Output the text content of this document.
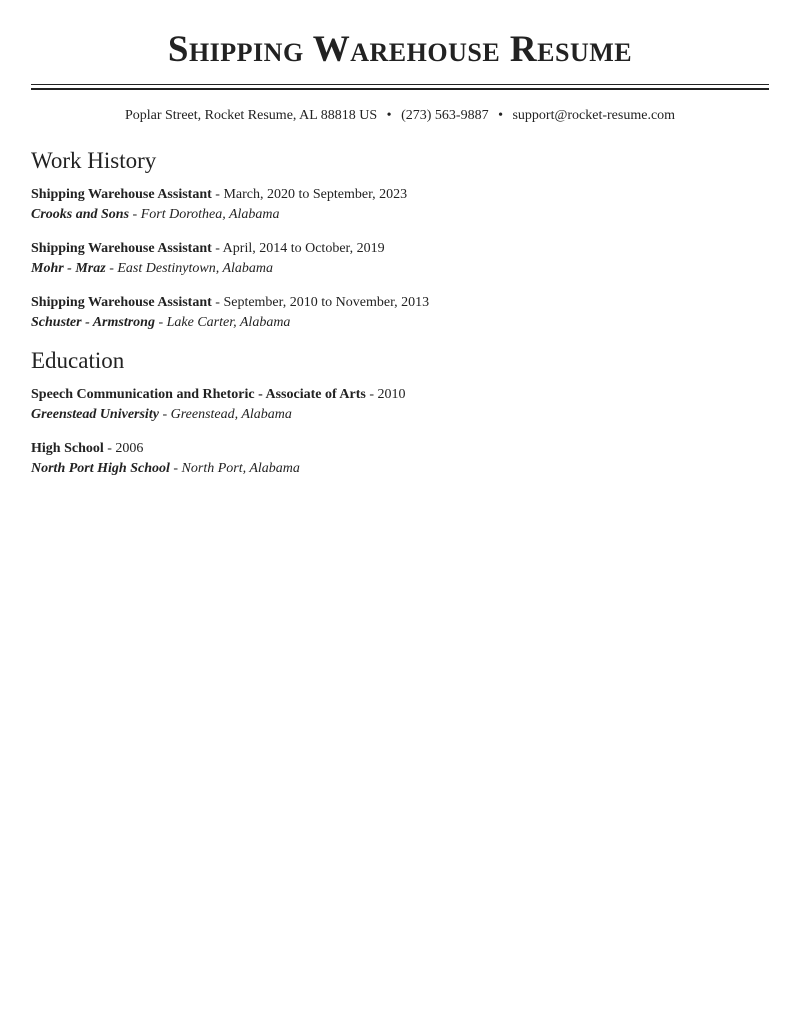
Shipping Warehouse Resume
Poplar Street, Rocket Resume, AL 88818 US • (273) 563-9887 • support@rocket-resume.com
Work History
Shipping Warehouse Assistant - March, 2020 to September, 2023
Crooks and Sons - Fort Dorothea, Alabama
Shipping Warehouse Assistant - April, 2014 to October, 2019
Mohr - Mraz - East Destinytown, Alabama
Shipping Warehouse Assistant - September, 2010 to November, 2013
Schuster - Armstrong - Lake Carter, Alabama
Education
Speech Communication and Rhetoric - Associate of Arts - 2010
Greenstead University - Greenstead, Alabama
High School - 2006
North Port High School - North Port, Alabama
